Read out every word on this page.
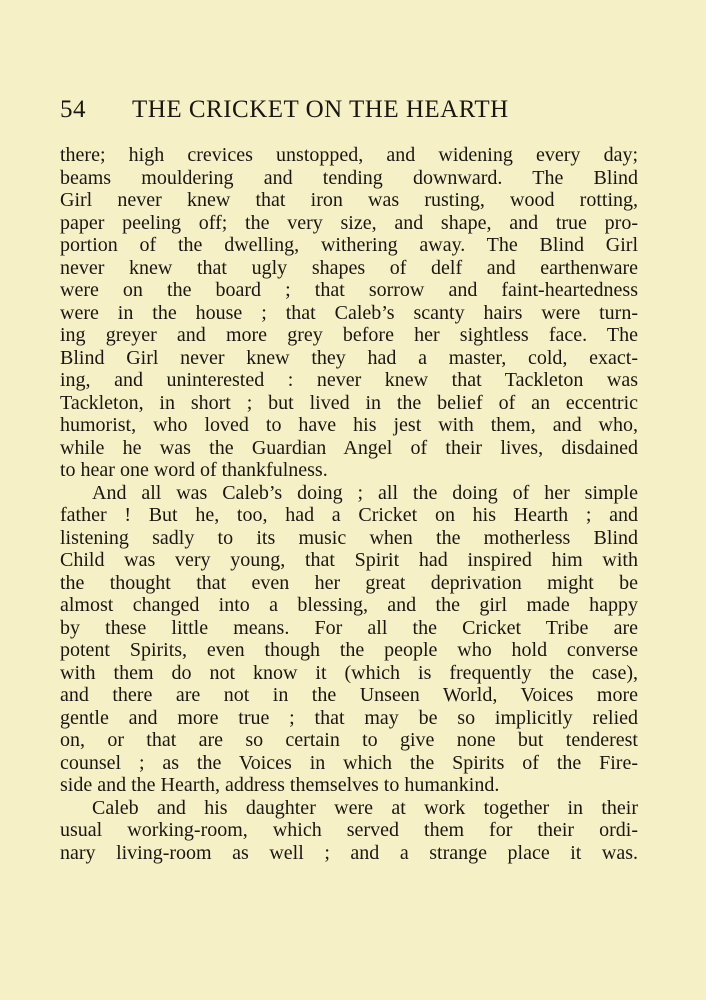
54 THE CRICKET ON THE HEARTH
there; high crevices unstopped, and widening every day;
beams mouldering and tending downward. The Blind
Girl never knew that iron was rusting, wood rotting,
paper peeling off; the very size, and shape, and true pro-
portion of the dwelling, withering away. The Blind Girl
never knew that ugly shapes of delf and earthenware
were on the board ; that sorrow and faint-heartedness
were in the house ; that Caleb’s scanty hairs were turn-
ing greyer and more grey before her sightless face. The
Blind Girl never knew they had a master, cold, exact-
ing, and uninterested : never knew that Tackleton was
Tackleton, in short ; but lived in the belief of an eccentric
humorist, who loved to have his jest with them, and who,
while he was the Guardian Angel of their lives, disdained
to hear one word of thankfulness.
And all was Caleb’s doing ; all the doing of her simple
father ! But he, too, had a Cricket on his Hearth ; and
listening sadly to its music when the motherless Blind
Child was very young, that Spirit had inspired him with
the thought that even her great deprivation might be
almost changed into a blessing, and the girl made happy
by these little means. For all the Cricket Tribe are
potent Spirits, even though the people who hold converse
with them do not know it (which is frequently the case),
and there are not in the Unseen World, Voices more
gentle and more true ; that may be so implicitly relied
on, or that are so certain to give none but tenderest
counsel ; as the Voices in which the Spirits of the Fire-
side and the Hearth, address themselves to humankind.
Caleb and his daughter were at work together in their
usual working-room, which served them for their ordi-
nary living-room as well ; and a strange place it was.
